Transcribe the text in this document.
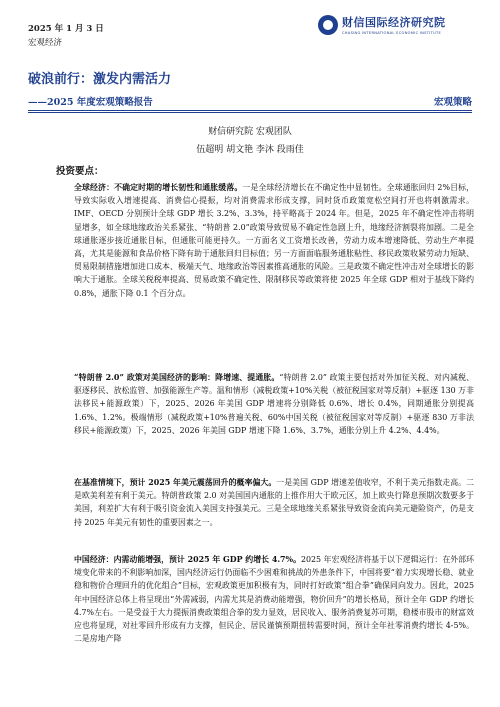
2025 年 1 月 3 日
宏观经济
财信国际经济研究院
CHASING INTERNATIONAL ECONOMIC INSTITUTE
破浪前行：激发内需活力
——2025 年度宏观策略报告	宏观策略
财信研究院 宏观团队
伍超明 胡文艳 李沐 段雨佳
投资要点：

全球经济：不确定时期的增长韧性和通胀缓落。一是全球经济增长在不确定性中显韧性。全球通胀回归 2%目标，导致实际收入增速提高、消费信心提振，均对消费需求形成支撑，同时货币政策宽松空间打开也将刺激需求。IMF、OECD 分别预计全球 GDP 增长 3.2%、3.3%，持平略高于 2024 年。但是，2025 年不确定性冲击将明显增多，如全球地缘政治关系紧张、“特朗普 2.0”政策导致贸易不确定性急剧上升，地缘经济割裂将加剧。二是全球通胀逐步接近通胀目标，但通胀可能更持久。一方面名义工资增长改善，劳动力成本增速降低、劳动生产率提高，尤其是能源和食品价格下降有助于通胀回归目标值；另一方面面临服务通胀粘性、移民政策收紧劳动力短缺、贸易限制措施增加进口成本、极端天气、地缘政治等因素推高通胀的风险。三是政策不确定性冲击对全球增长的影响大于通胀。全球关税税率提高、贸易政策不确定性、限制移民等政策将使 2025 年全球 GDP 相对于基线下降约 0.8%，通胀下降 0.1 个百分点。

“特朗普 2.0” 政策对美国经济的影响：降增速、提通胀。“特朗普 2.0” 政策主要包括对外加征关税、对内减税、驱逐移民、放松监管、加强能源生产等。温和情形（减税政策+10%关税（被征税国家对等反制）+驱逐 130 万非法移民+能源政策）下，2025、2026 年美国 GDP 增速将分别降低 0.6%、增长 0.4%，同期通胀分别提高 1.6%、1.2%。极端情形（减税政策+10%普遍关税、60%中国关税（被征税国家对等反制）+驱逐 830 万非法移民+能源政策）下，2025、2026 年美国 GDP 增速下降 1.6%、3.7%，通胀分别上升 4.2%、4.4%。

在基准情境下，预计 2025 年美元震荡回升的概率偏大。一是美国 GDP 增速差值收窄，不利于美元指数走高。二是欧美利差有利于美元。特朗普政策 2.0 对美国国内通胀的上推作用大于欧元区，加上欧央行降息预期次数要多于美国，利差扩大有利于吸引资金流入美国支持强美元。三是全球地缘关系紧张导致资金流向美元避险资产，仍是支持 2025 年美元有韧性的重要因素之一。

中国经济：内需动能增强，预计 2025 年 GDP 约增长 4.7%。2025 年宏观经济将基于以下逻辑运行：在外部环境变化带来的不利影响加深，国内经济运行仍面临不少困难和挑战的外患条件下，中国将要“着力实现增长稳、就业稳和物价合理回升的优化组合”目标，宏观政策更加积极有为，同时打好政策“组合拳”确保同向发力。因此，2025 年中国经济总体上将呈现出“外需减弱，内需尤其是消费动能增强，物价回升”的增长格局，预计全年 GDP 约增长 4.7%左右。一是受益于大力提振消费政策组合拳的发力显效，居民收入、服务消费复苏可期，稳楼市股市的财富效应也将显现，对社零回升形成有力支撑，但民企、居民谨慎预期扭转需要时间，预计全年社零消费约增长 4-5%。二是房地产降
